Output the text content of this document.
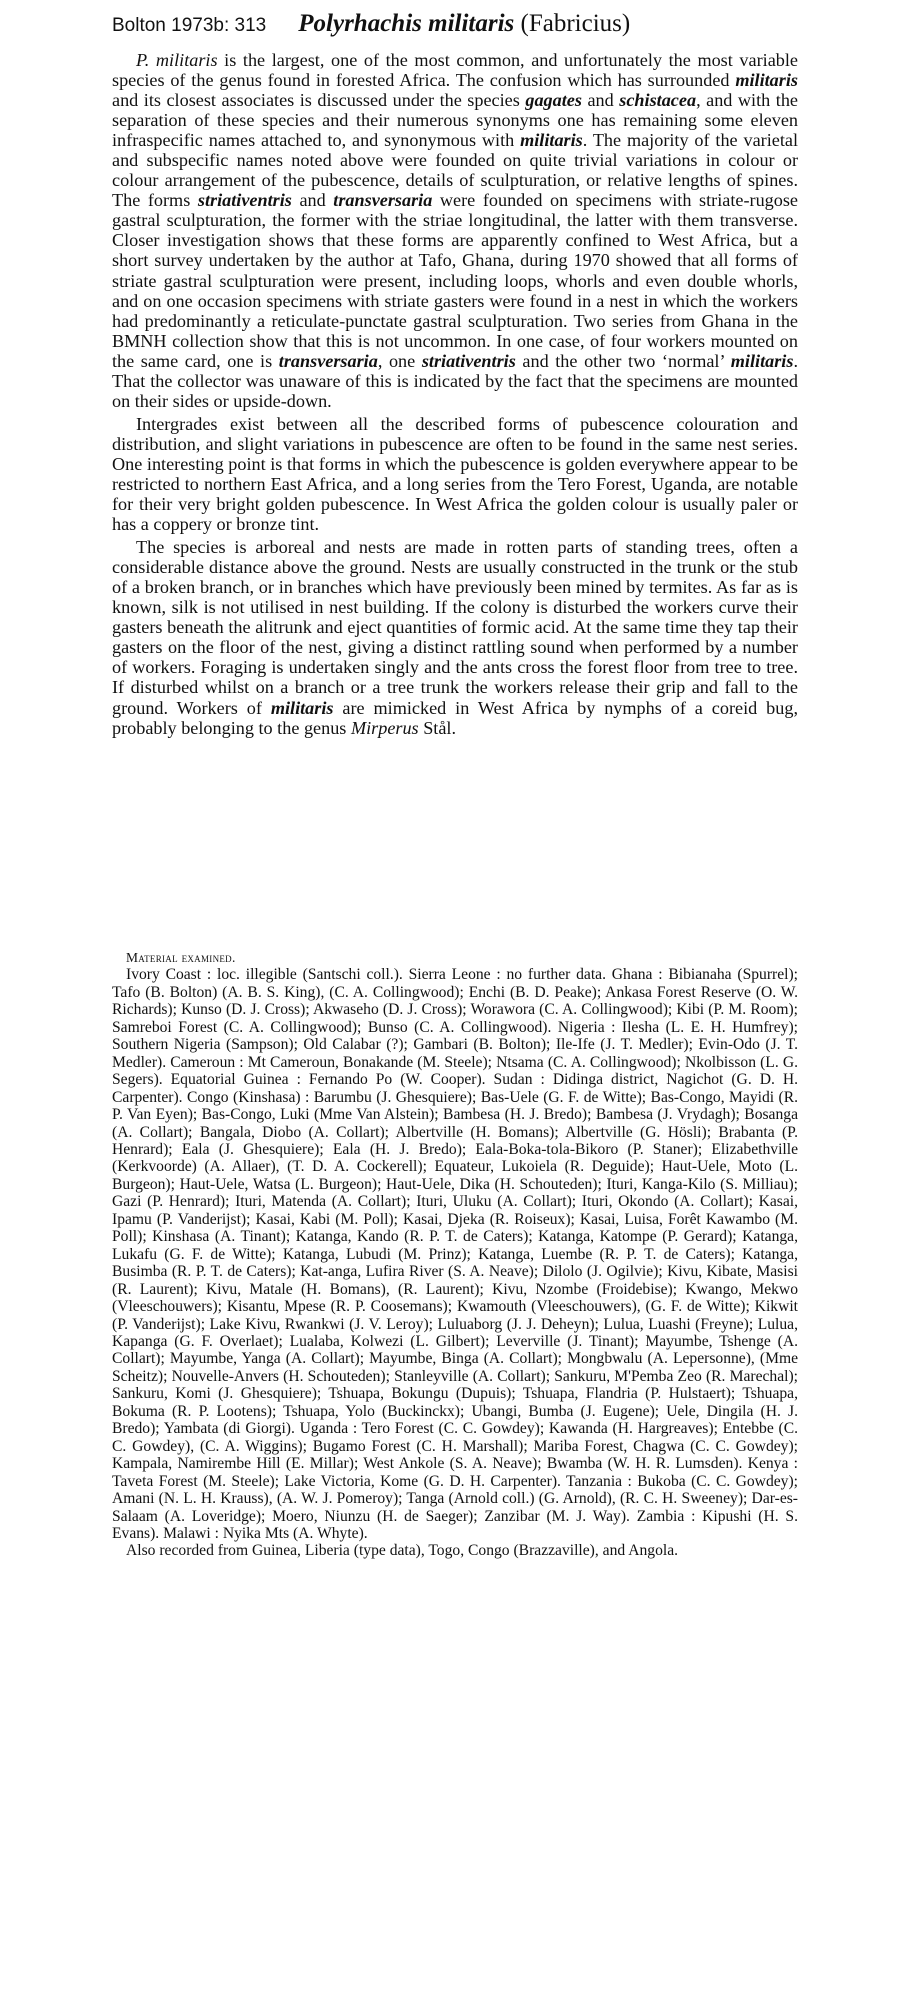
Bolton 1973b: 313 Polyrhachis militaris (Fabricius)

P. militaris is the largest, one of the most common, and unfortunately the most variable species of the genus found in forested Africa. The confusion which has surrounded militaris and its closest associates is discussed under the species gagates and schistacea, and with the separation of these species and their numerous synonyms one has remaining some eleven infraspecific names attached to, and synonymous with militaris. The majority of the varietal and subspecific names noted above were founded on quite trivial variations in colour or colour arrangement of the pubescence, details of sculpturation, or relative lengths of spines. The forms striativentris and transversaria were founded on specimens with striate-rugose gastral sculpturation, the former with the striae longitudinal, the latter with them transverse. Closer investigation shows that these forms are apparently confined to West Africa, but a short survey undertaken by the author at Tafo, Ghana, during 1970 showed that all forms of striate gastral sculpturation were present, including loops, whorls and even double whorls, and on one occasion specimens with striate gasters were found in a nest in which the workers had predominantly a reticulate-punctate gastral sculpturation. Two series from Ghana in the BMNH collection show that this is not uncommon. In one case, of four workers mounted on the same card, one is transversaria, one striativentris and the other two ‘normal’ militaris. That the collector was unaware of this is indicated by the fact that the specimens are mounted on their sides or upside-down.

Intergrades exist between all the described forms of pubescence colouration and distribution, and slight variations in pubescence are often to be found in the same nest series. One interesting point is that forms in which the pubescence is golden everywhere appear to be restricted to northern East Africa, and a long series from the Tero Forest, Uganda, are notable for their very bright golden pubescence. In West Africa the golden colour is usually paler or has a coppery or bronze tint.

The species is arboreal and nests are made in rotten parts of standing trees, often a considerable distance above the ground. Nests are usually constructed in the trunk or the stub of a broken branch, or in branches which have previously been mined by termites. As far as is known, silk is not utilised in nest building. If the colony is disturbed the workers curve their gasters beneath the alitrunk and eject quantities of formic acid. At the same time they tap their gasters on the floor of the nest, giving a distinct rattling sound when performed by a number of workers. Foraging is undertaken singly and the ants cross the forest floor from tree to tree. If disturbed whilst on a branch or a tree trunk the workers release their grip and fall to the ground. Workers of militaris are mimicked in West Africa by nymphs of a coreid bug, probably belonging to the genus Mirperus Stål.

Material examined.

Ivory Coast : loc. illegible (Santschi coll.). Sierra Leone : no further data. Ghana : Bibianaha (Spurrel); Tafo (B. Bolton) (A. B. S. King), (C. A. Collingwood); Enchi (B. D. Peake); Ankasa Forest Reserve (O. W. Richards); Kunso (D. J. Cross); Akwaseho (D. J. Cross); Worawora (C. A. Collingwood); Kibi (P. M. Room); Samreboi Forest (C. A. Collingwood); Bunso (C. A. Collingwood). Nigeria : Ilesha (L. E. H. Humfrey); Southern Nigeria (Sampson); Old Calabar (?); Gambari (B. Bolton); Ile-Ife (J. T. Medler); Evin-Odo (J. T. Medler). Cameroun : Mt Cameroun, Bonakande (M. Steele); Ntsama (C. A. Collingwood); Nkolbisson (L. G. Segers). Equatorial Guinea : Fernando Po (W. Cooper). Sudan : Didinga district, Nagichot (G. D. H. Carpenter). Congo (Kinshasa) : Barumbu (J. Ghesquiere); Bas-Uele (G. F. de Witte); Bas-Congo, Mayidi (R. P. Van Eyen); Bas-Congo, Luki (Mme Van Alstein); Bambesa (H. J. Bredo); Bambesa (J. Vrydagh); Bosanga (A. Collart); Bangala, Diobo (A. Collart); Albertville (H. Bomans); Albertville (G. Hösli); Brabanta (P. Henrard); Eala (J. Ghesquiere); Eala (H. J. Bredo); Eala-Boka-tola-Bikoro (P. Staner); Elizabethville (Kerkvoorde) (A. Allaer), (T. D. A. Cockerell); Equateur, Lukoiela (R. Deguide); Haut-Uele, Moto (L. Burgeon); Haut-Uele, Watsa (L. Burgeon); Haut-Uele, Dika (H. Schouteden); Ituri, Kanga-Kilo (S. Milliau); Gazi (P. Henrard); Ituri, Matenda (A. Collart); Ituri, Uluku (A. Collart); Ituri, Okondo (A. Collart); Kasai, Ipamu (P. Vanderijst); Kasai, Kabi (M. Poll); Kasai, Djeka (R. Roiseux); Kasai, Luisa, Forêt Kawambo (M. Poll); Kinshasa (A. Tinant); Katanga, Kando (R. P. T. de Caters); Katanga, Katompe (P. Gerard); Katanga, Lukafu (G. F. de Witte); Katanga, Lubudi (M. Prinz); Katanga, Luembe (R. P. T. de Caters); Katanga, Busimba (R. P. T. de Caters); Kat-anga, Lufira River (S. A. Neave); Dilolo (J. Ogilvie); Kivu, Kibate, Masisi (R. Laurent); Kivu, Matale (H. Bomans), (R. Laurent); Kivu, Nzombe (Froidebise); Kwango, Mekwo (Vleeschouwers); Kisantu, Mpese (R. P. Coosemans); Kwamouth (Vleeschouwers), (G. F. de Witte); Kikwit (P. Vanderijst); Lake Kivu, Rwankwi (J. V. Leroy); Luluaborg (J. J. Deheyn); Lulua, Luashi (Freyne); Lulua, Kapanga (G. F. Overlaet); Lualaba, Kolwezi (L. Gilbert); Leverville (J. Tinant); Mayumbe, Tshenge (A. Collart); Mayumbe, Yanga (A. Collart); Mayumbe, Binga (A. Collart); Mongbwalu (A. Lepersonne), (Mme Scheitz); Nouvelle-Anvers (H. Schouteden); Stanleyville (A. Collart); Sankuru, M'Pemba Zeo (R. Marechal); Sankuru, Komi (J. Ghesquiere); Tshuapa, Bokungu (Dupuis); Tshuapa, Flandria (P. Hulstaert); Tshuapa, Bokuma (R. P. Lootens); Tshuapa, Yolo (Buckinckx); Ubangi, Bumba (J. Eugene); Uele, Dingila (H. J. Bredo); Yambata (di Giorgi). Uganda : Tero Forest (C. C. Gowdey); Kawanda (H. Hargreaves); Entebbe (C. C. Gowdey), (C. A. Wiggins); Bugamo Forest (C. H. Marshall); Mariba Forest, Chagwa (C. C. Gowdey); Kampala, Namirembe Hill (E. Millar); West Ankole (S. A. Neave); Bwamba (W. H. R. Lumsden). Kenya : Taveta Forest (M. Steele); Lake Victoria, Kome (G. D. H. Carpenter). Tanzania : Bukoba (C. C. Gowdey); Amani (N. L. H. Krauss), (A. W. J. Pomeroy); Tanga (Arnold coll.) (G. Arnold), (R. C. H. Sweeney); Dar-es-Salaam (A. Loveridge); Moero, Niunzu (H. de Saeger); Zanzibar (M. J. Way). Zambia : Kipushi (H. S. Evans). Malawi : Nyika Mts (A. Whyte).

Also recorded from Guinea, Liberia (type data), Togo, Congo (Brazzaville), and Angola.
